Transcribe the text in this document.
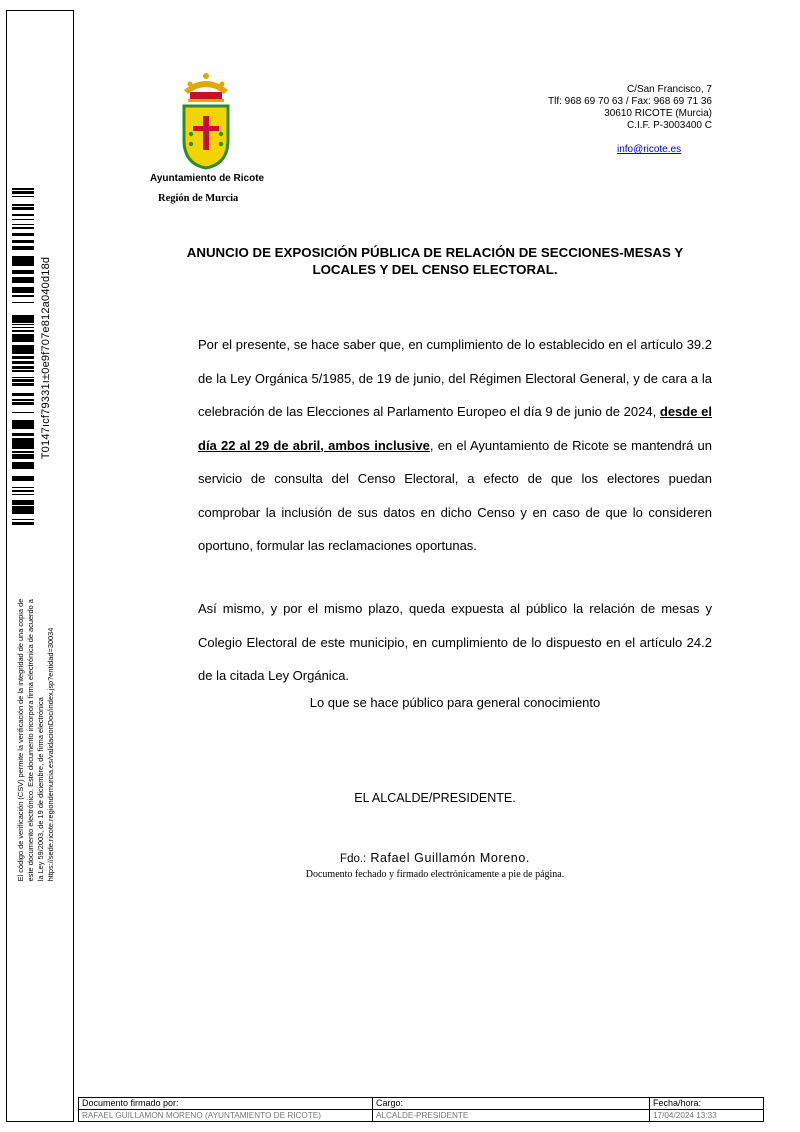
T0147ıcf79331ı±0e9f707e812a040d18d
El código de verificación (CSV) permite la verificación de la integridad de una copia de
este documento electrónico. Este documento incorpora firma electrónica de acuerdo a
la Ley 59/2003, de 19 de diciembre, de firma electrónica
https://sede.ricote.regiondemurcia.es/validacionDoc/index.jsp?entidad=30034
Ayuntamiento de Ricote
Región de Murcia
C/San Francisco, 7
Tlf: 968 69 70 63 / Fax: 968 69 71 36
30610 RICOTE (Murcia)
C.I.F. P-3003400 C
info@ricote.es
ANUNCIO DE EXPOSICIÓN PÚBLICA DE RELACIÓN DE SECCIONES-MESAS Y
LOCALES Y DEL CENSO ELECTORAL.
Por el presente, se hace saber que, en cumplimiento de lo establecido en el artículo 39.2 de la Ley Orgánica 5/1985, de 19 de junio, del Régimen Electoral General, y de cara a la celebración de las Elecciones al Parlamento Europeo el día 9 de junio de 2024, desde el día 22 al 29 de abril, ambos inclusive, en el Ayuntamiento de Ricote se mantendrá un servicio de consulta del Censo Electoral, a efecto de que los electores puedan comprobar la inclusión de sus datos en dicho Censo y en caso de que lo consideren oportuno, formular las reclamaciones oportunas.
Así mismo, y por el mismo plazo, queda expuesta al público la relación de mesas y Colegio Electoral de este municipio, en cumplimiento de lo dispuesto en el artículo 24.2 de la citada Ley Orgánica.
Lo que se hace público para general conocimiento
EL ALCALDE/PRESIDENTE.
Fdo.: Rafael Guillamón Moreno.
Documento fechado y firmado electrónicamente a pie de página.
Documento firmado por:	Cargo:	Fecha/hora:
RAFAEL GUILLAMON MORENO (AYUNTAMIENTO DE RICOTE)	ALCALDE-PRESIDENTE	17/04/2024 13:33
